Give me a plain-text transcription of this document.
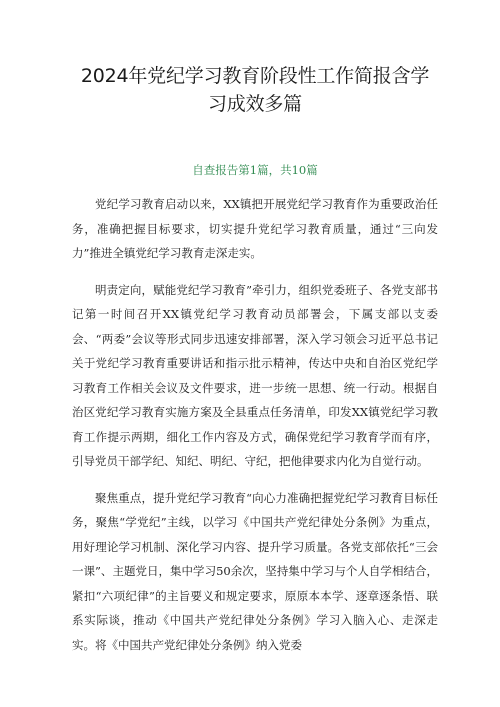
2024年党纪学习教育阶段性工作简报含学习成效多篇
自查报告第1篇，共10篇

党纪学习教育启动以来，XX镇把开展党纪学习教育作为重要政治任务，准确把握目标要求，切实提升党纪学习教育质量，通过“三向发力”推进全镇党纪学习教育走深走实。

明责定向，赋能党纪学习教育”牵引力，组织党委班子、各党支部书记第一时间召开XX镇党纪学习教育动员部署会，下属支部以支委会、“两委”会议等形式同步迅速安排部署，深入学习领会习近平总书记关于党纪学习教育重要讲话和指示批示精神，传达中央和自治区党纪学习教育工作相关会议及文件要求，进一步统一思想、统一行动。根据自治区党纪学习教育实施方案及全县重点任务清单，印发XX镇党纪学习教育工作提示两期，细化工作内容及方式，确保党纪学习教育学而有序，引导党员干部学纪、知纪、明纪、守纪，把他律要求内化为自觉行动。

聚焦重点，提升党纪学习教育“向心力准确把握党纪学习教育目标任务，聚焦“学党纪”主线，以学习《中国共产党纪律处分条例》为重点，用好理论学习机制、深化学习内容、提升学习质量。各党支部依托“三会一课”、主题党日，集中学习50余次，坚持集中学习与个人自学相结合，紧扣“六项纪律”的主旨要义和规定要求，原原本本学、逐章逐条悟、联系实际谈，推动《中国共产党纪律处分条例》学习入脑入心、走深走实。将《中国共产党纪律处分条例》纳入党委
